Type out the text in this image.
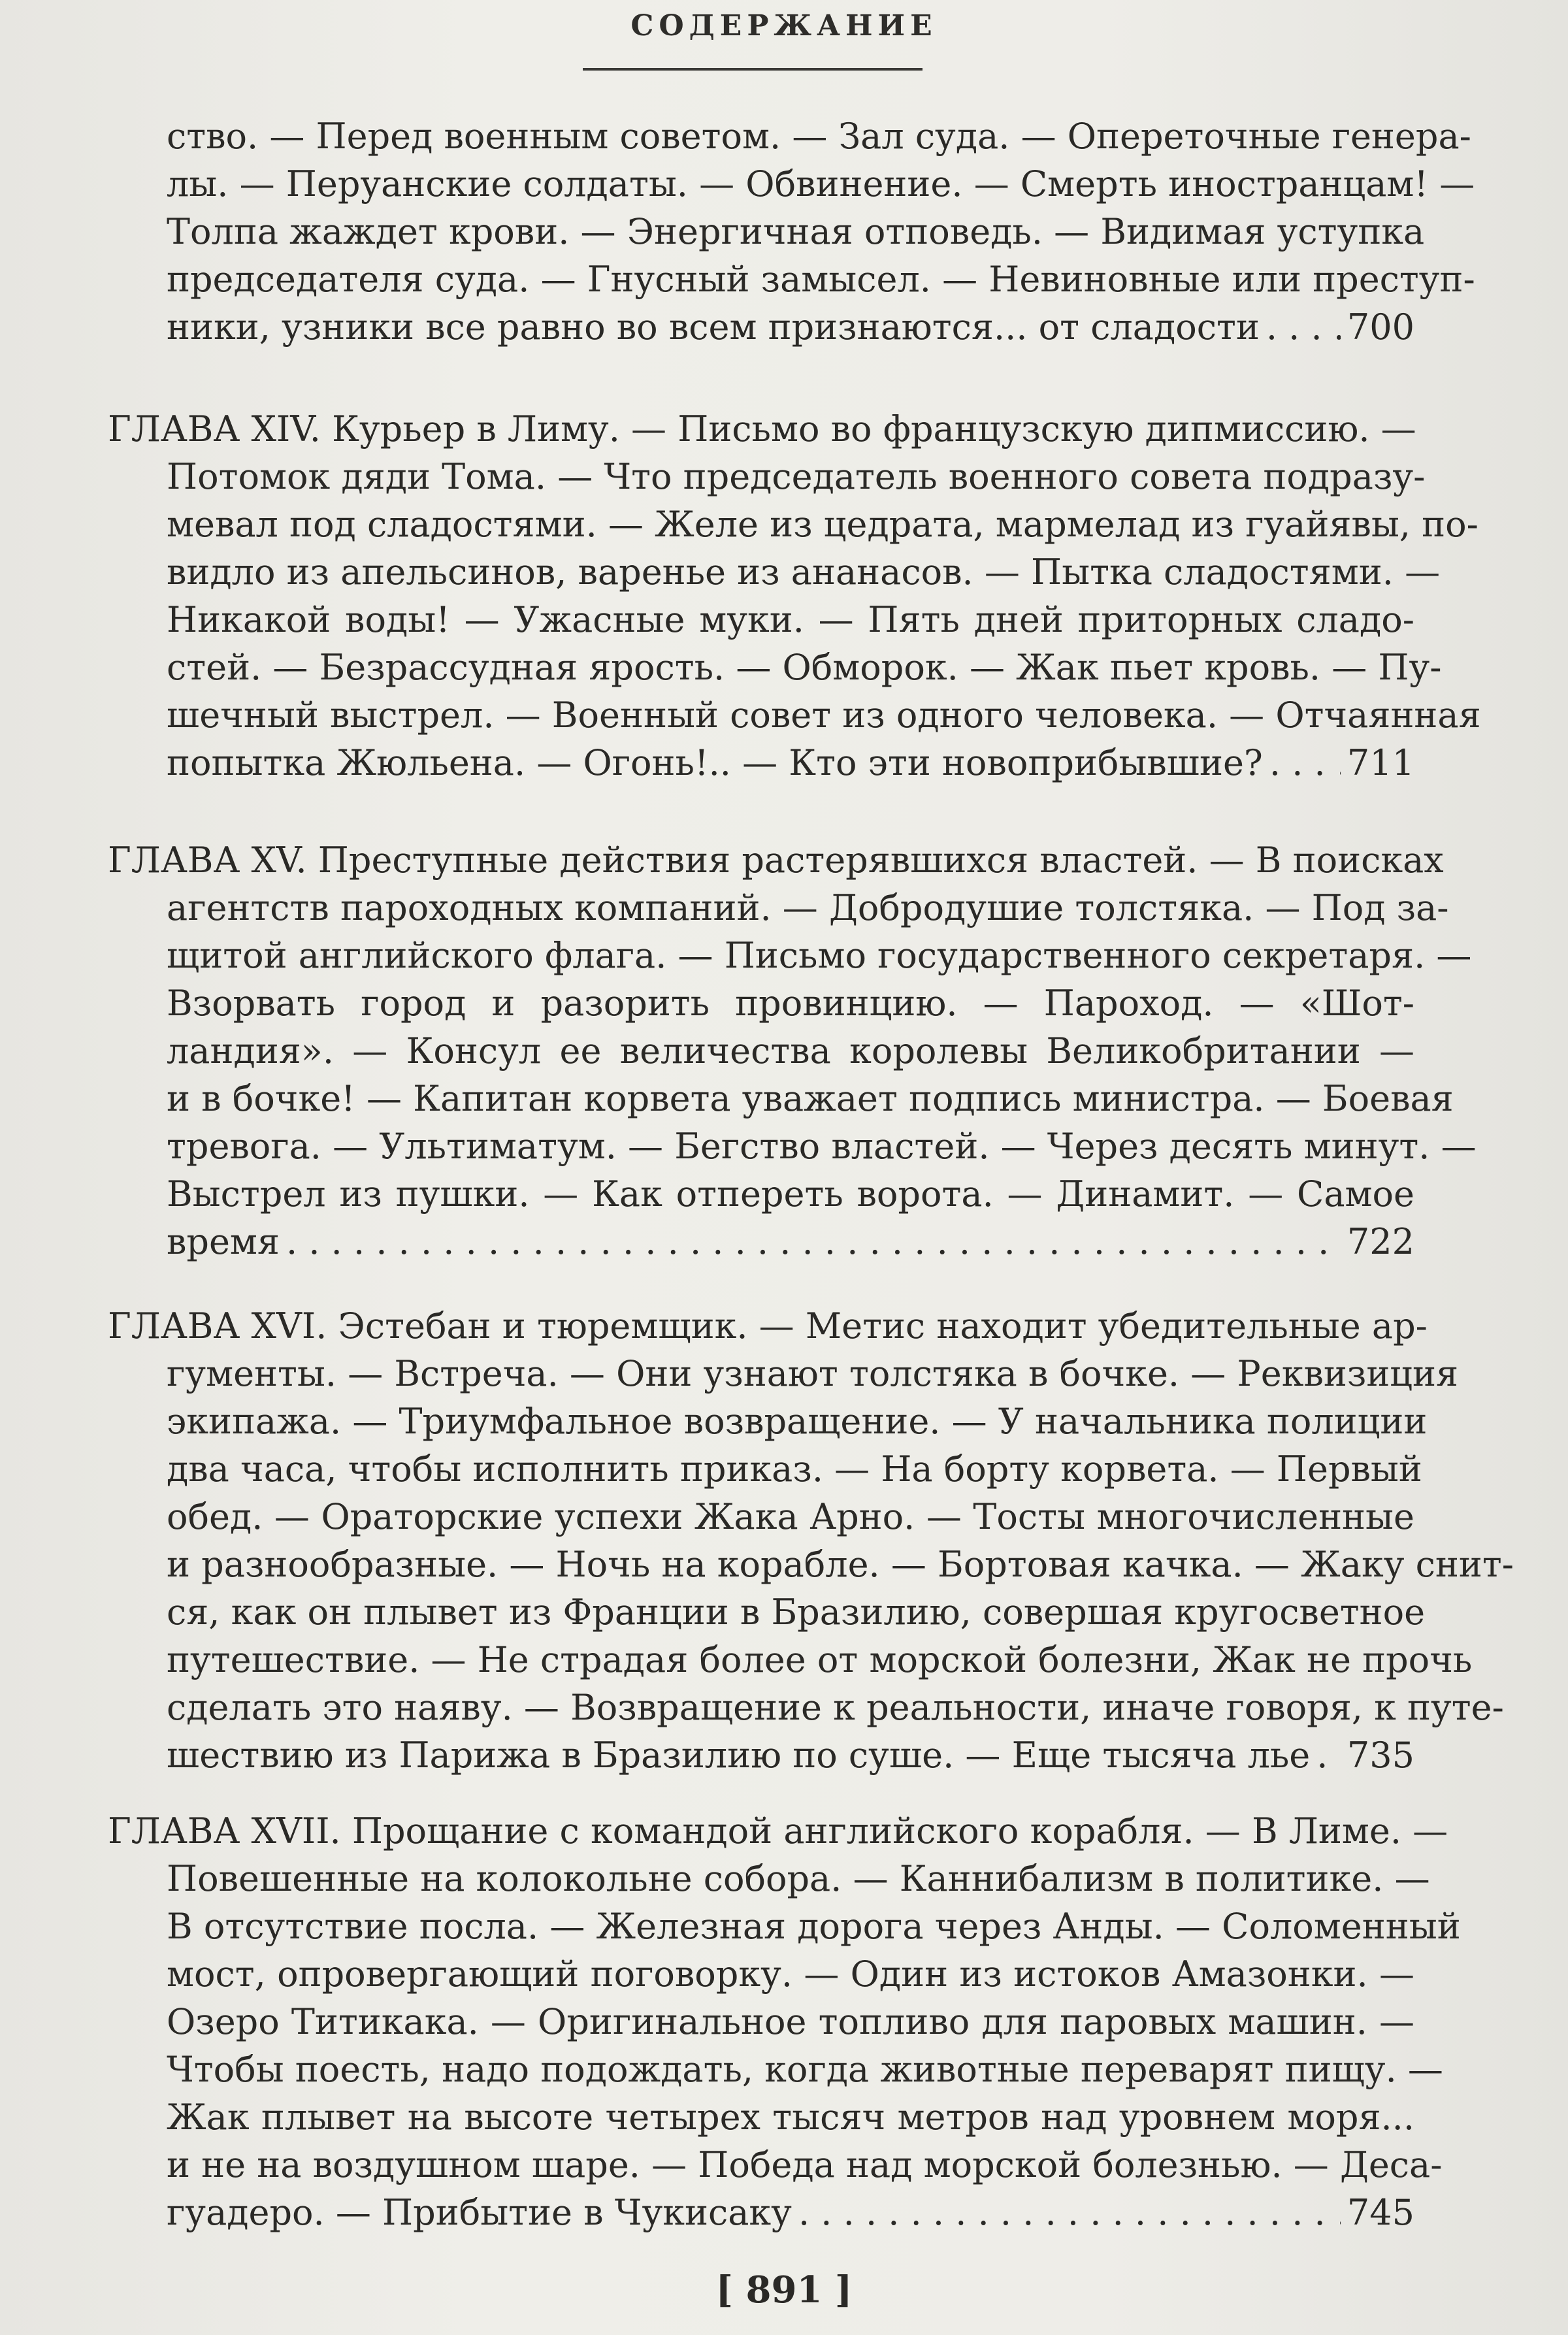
СОДЕРЖАНИЕ
ство. — Перед военным советом. — Зал суда. — Опереточные генера-
лы. — Перуанские солдаты. — Обвинение. — Смерть иностранцам! —
Толпа жаждет крови. — Энергичная отповедь. — Видимая уступка
председателя суда. — Гнусный замысел. — Невиновные или преступ-
ники, узники все равно во всем признаются... от сладости . . . 700
ГЛАВА XIV. Курьер в Лиму. — Письмо во французскую дипмиссию. —
Потомок дяди Тома. — Что председатель военного совета подразу-
мевал под сладостями. — Желе из цедрата, мармелад из гуайявы, по-
видло из апельсинов, варенье из ананасов. — Пытка сладостями. —
Никакой воды! — Ужасные муки. — Пять дней приторных сладо-
стей. — Безрассудная ярость. — Обморок. — Жак пьет кровь. — Пу-
шечный выстрел. — Военный совет из одного человека. — Отчаянная
попытка Жюльена. — Огонь!.. — Кто эти новоприбывшие? . . . 711
ГЛАВА XV. Преступные действия растерявшихся властей. — В поисках
агентств пароходных компаний. — Добродушие толстяка. — Под за-
щитой английского флага. — Письмо государственного секретаря. —
Взорвать город и разорить провинцию. — Пароход. — «Шот-
ландия». — Консул ее величества королевы Великобритании —
и в бочке! — Капитан корвета уважает подпись министра. — Боевая
тревога. — Ультиматум. — Бегство властей. — Через десять минут. —
Выстрел из пушки. — Как отпереть ворота. — Динамит. — Самое
время . . .	722
ГЛАВА XVI. Эстебан и тюремщик. — Метис находит убедительные ар-
гументы. — Встреча. — Они узнают толстяка в бочке. — Реквизиция
экипажа. — Триумфальное возвращение. — У начальника полиции
два часа, чтобы исполнить приказ. — На борту корвета. — Первый
обед. — Ораторские успехи Жака Арно. — Тосты многочисленные
и разнообразные. — Ночь на корабле. — Бортовая качка. — Жаку снит-
ся, как он плывет из Франции в Бразилию, совершая кругосветное
путешествие. — Не страдая более от морской болезни, Жак не прочь
сделать это наяву. — Возвращение к реальности, иначе говоря, к путе-
шествию из Парижа в Бразилию по суше. — Еще тысяча лье . . . 735
ГЛАВА XVII. Прощание с командой английского корабля. — В Лиме. —
Повешенные на колокольне собора. — Каннибализм в политике. —
В отсутствие посла. — Железная дорога через Анды. — Соломенный
мост, опровергающий поговорку. — Один из истоков Амазонки. —
Озеро Титикака. — Оригинальное топливо для паровых машин. —
Чтобы поесть, надо подождать, когда животные переварят пищу. —
Жак плывет на высоте четырех тысяч метров над уровнем моря...
и не на воздушном шаре. — Победа над морской болезнью. — Деса-
гуадеро. — Прибытие в Чукисаку . . .	745
[ 891 ]
